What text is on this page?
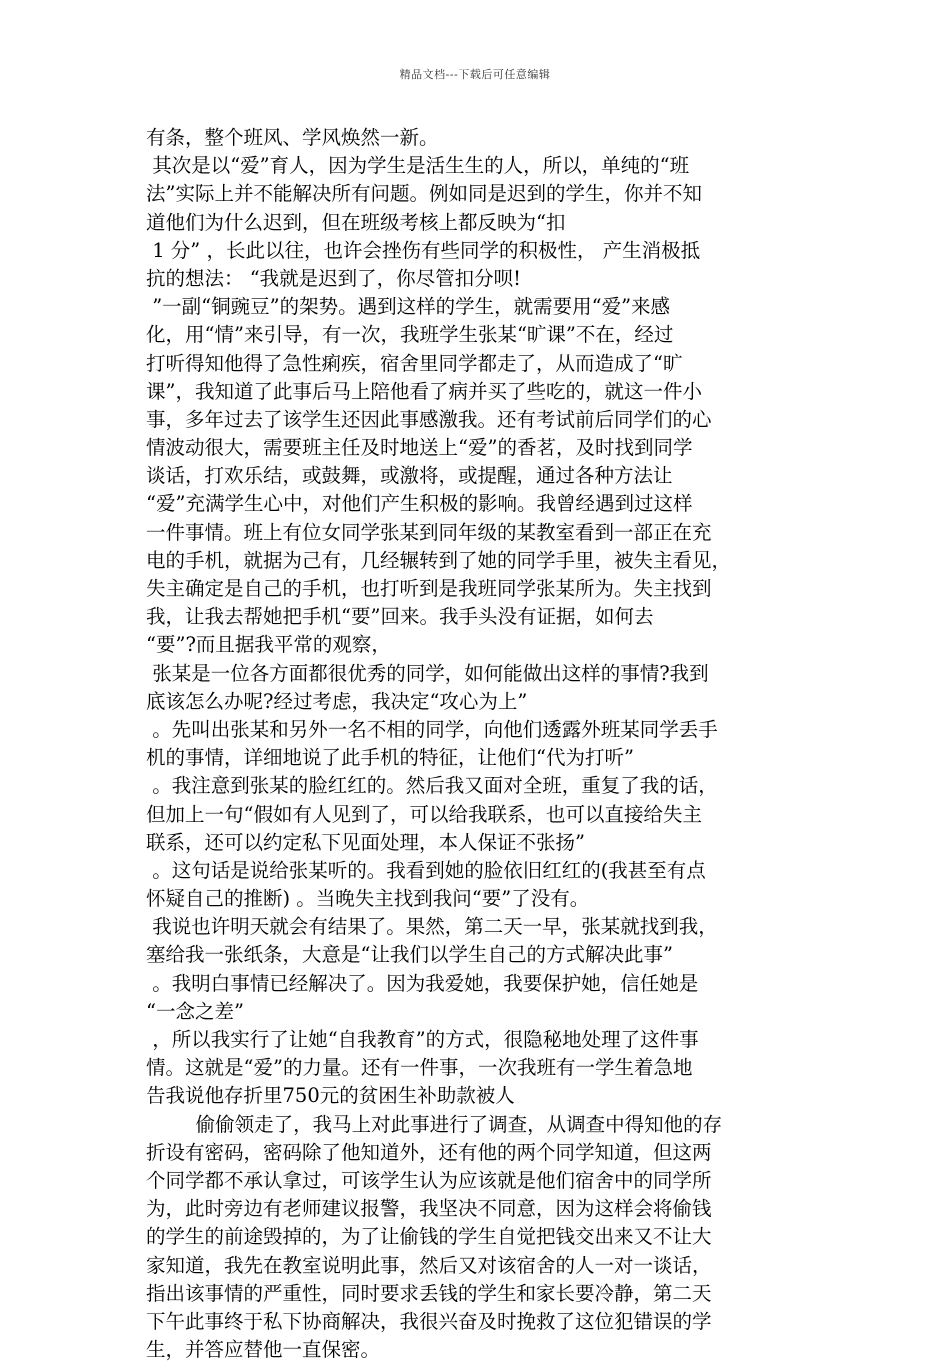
精品文档---下载后可任意编辑
有条，整个班风、学风焕然一新。
其次是以“爱”育人，因为学生是活生生的人，所以，单纯的“班
法”实际上并不能解决所有问题。例如同是迟到的学生，你并不知
道他们为什么迟到，但在班级考核上都反映为“扣
1 分” ，长此以往，也许会挫伤有些同学的积极性， 产生消极抵
抗的想法： “我就是迟到了，你尽管扣分呗!
”一副“铜豌豆”的架势。遇到这样的学生，就需要用“爱”来感
化，用“情”来引导，有一次，我班学生张某“旷课”不在，经过
打听得知他得了急性痢疾，宿舍里同学都走了，从而造成了“旷
课”，我知道了此事后马上陪他看了病并买了些吃的，就这一件小
事，多年过去了该学生还因此事感激我。还有考试前后同学们的心
情波动很大，需要班主任及时地送上“爱”的香茗，及时找到同学
谈话，打欢乐结，或鼓舞，或激将，或提醒，通过各种方法让
“爱”充满学生心中，对他们产生积极的影响。我曾经遇到过这样
一件事情。班上有位女同学张某到同年级的某教室看到一部正在充
电的手机，就据为己有，几经辗转到了她的同学手里，被失主看见，
失主确定是自己的手机，也打听到是我班同学张某所为。失主找到
我，让我去帮她把手机“要”回来。我手头没有证据，如何去
“要”?而且据我平常的观察，
张某是一位各方面都很优秀的同学，如何能做出这样的事情?我到
底该怎么办呢?经过考虑，我决定“攻心为上”
。先叫出张某和另外一名不相的同学，向他们透露外班某同学丢手
机的事情，详细地说了此手机的特征，让他们“代为打听”
。我注意到张某的脸红红的。然后我又面对全班，重复了我的话，
但加上一句“假如有人见到了，可以给我联系，也可以直接给失主
联系，还可以约定私下见面处理，本人保证不张扬”
。这句话是说给张某听的。我看到她的脸依旧红红的(我甚至有点
怀疑自己的推断) 。当晚失主找到我问“要”了没有。
我说也许明天就会有结果了。果然，第二天一早，张某就找到我，
塞给我一张纸条，大意是“让我们以学生自己的方式解决此事”
。我明白事情已经解决了。因为我爱她，我要保护她，信任她是
“一念之差”
，所以我实行了让她“自我教育”的方式，很隐秘地处理了这件事
情。这就是“爱”的力量。还有一件事，一次我班有一学生着急地
告我说他存折里750元的贫困生补助款被人
偷偷领走了，我马上对此事进行了调查，从调查中得知他的存
折设有密码，密码除了他知道外，还有他的两个同学知道，但这两
个同学都不承认拿过，可该学生认为应该就是他们宿舍中的同学所
为，此时旁边有老师建议报警，我坚决不同意，因为这样会将偷钱
的学生的前途毁掉的，为了让偷钱的学生自觉把钱交出来又不让大
家知道，我先在教室说明此事，然后又对该宿舍的人一对一谈话，
指出该事情的严重性，同时要求丢钱的学生和家长要冷静，第二天
下午此事终于私下协商解决，我很兴奋及时挽救了这位犯错误的学
生，并答应替他一直保密。
